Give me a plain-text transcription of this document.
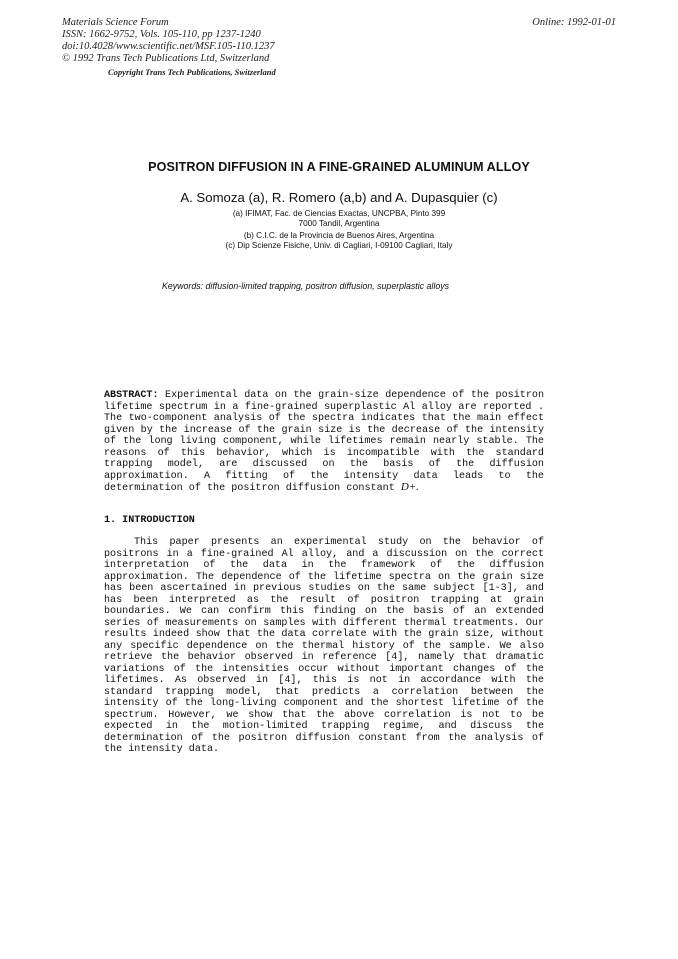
Materials Science Forum
ISSN: 1662-9752, Vols. 105-110, pp 1237-1240
doi:10.4028/www.scientific.net/MSF.105-110.1237
© 1992 Trans Tech Publications Ltd, Switzerland
Online: 1992-01-01
Copyright Trans Tech Publications, Switzerland
POSITRON DIFFUSION IN A FINE-GRAINED ALUMINUM ALLOY
A. Somoza (a), R. Romero (a,b) and A. Dupasquier (c)
(a) IFIMAT, Fac. de Ciencias Exactas, UNCPBA, Pinto 399
7000 Tandil, Argentina
(b) C.I.C. de la Provincia de Buenos Aires, Argentina
(c) Dip Scienze Fisiche, Univ. di Cagliari, I-09100 Cagliari, Italy
Keywords: diffusion-limited trapping, positron diffusion, superplastic alloys
ABSTRACT: Experimental data on the grain-size dependence of the positron lifetime spectrum in a fine-grained superplastic Al alloy are reported . The two-component analysis of the spectra indicates that the main effect given by the increase of the grain size is the decrease of the intensity of the long living component, while lifetimes remain nearly stable. The reasons of this behavior, which is incompatible with the standard trapping model, are discussed on the basis of the diffusion approximation. A fitting of the intensity data leads to the determination of the positron diffusion constant D+.
1. INTRODUCTION
This paper presents an experimental study on the behavior of positrons in a fine-grained Al alloy, and a discussion on the correct interpretation of the data in the framework of the diffusion approximation. The dependence of the lifetime spectra on the grain size has been ascertained in previous studies on the same subject [1-3], and has been interpreted as the result of positron trapping at grain boundaries. We can confirm this finding on the basis of an extended series of measurements on samples with different thermal treatments. Our results indeed show that the data correlate with the grain size, without any specific dependence on the thermal history of the sample. We also retrieve the behavior observed in reference [4], namely that dramatic variations of the intensities occur without important changes of the lifetimes. As observed in [4], this is not in accordance with the standard trapping model, that predicts a correlation between the intensity of the long-living component and the shortest lifetime of the spectrum. However, we show that the above correlation is not to be expected in the motion-limited trapping regime, and discuss the determination of the positron diffusion constant from the analysis of the intensity data.
